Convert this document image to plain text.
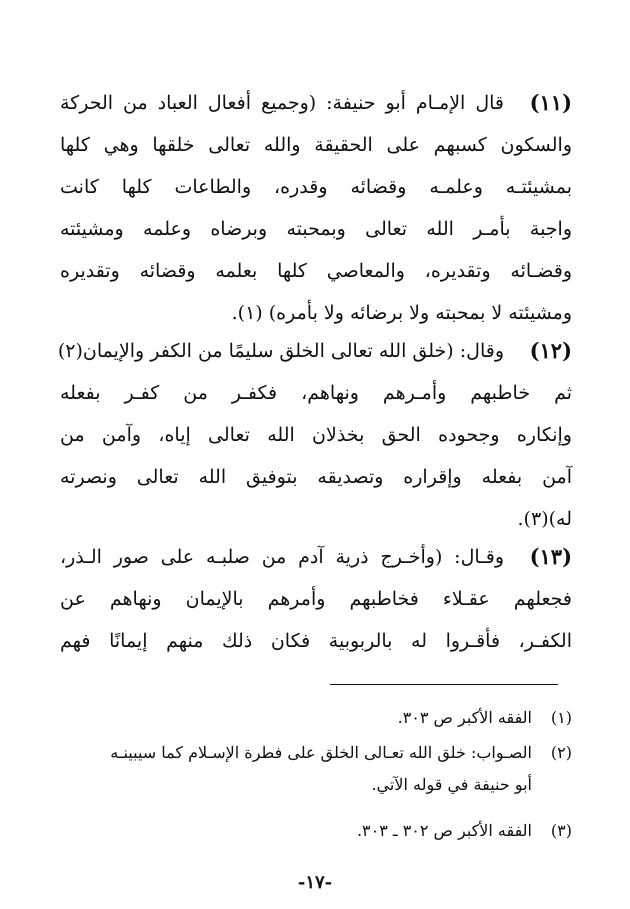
(١١)
قال الإمـام أبو حنيفة: (وجميع أفعال العباد من الحركة
والسكون كسبهم على الحقيقة والله تعالى خلقها وهي كلها
بمشيئتـه وعلمـه وقضائه وقدره، والطاعات كلها كانت
واجبة بأمـر الله تعالى وبمحبته وبرضاه وعلمه ومشيئته
وقضـائه وتقديره، والمعاصي كلها بعلمه وقضائه وتقديره
ومشيئته لا بمحبته ولا برضائه ولا بأمره) (١).
(١٢)
وقال: (خلق الله تعالى الخلق سليمًا من الكفر والإيمان(٢)
ثم خاطبهم وأمـرهم ونهاهم، فكفـر من كفـر بفعله
وإنكاره وجحوده الحق بخذلان الله تعالى إياه، وآمن من
آمن بفعله وإقراره وتصديقه بتوفيق الله تعالى ونصرته
له)(٣).
(١٣)
وقـال: (وأخـرج ذرية آدم من صلبـه على صور الـذر،
فجعلهم عقـلاء فخاطبهم وأمرهم بالإيمان ونهاهم عن
الكفـر، فأقـروا له بالربوبية فكان ذلك منهم إيمانًا فهم
(١)
الفقه الأكبر ص ٣٠٣.
(٢)
الصـواب: خلق الله تعـالى الخلق على فطرة الإسـلام كما سيبينـه
أبو حنيفة في قوله الآتي.
(٣)
الفقه الأكبر ص ٣٠٢ ـ ٣٠٣.
-١٧-
